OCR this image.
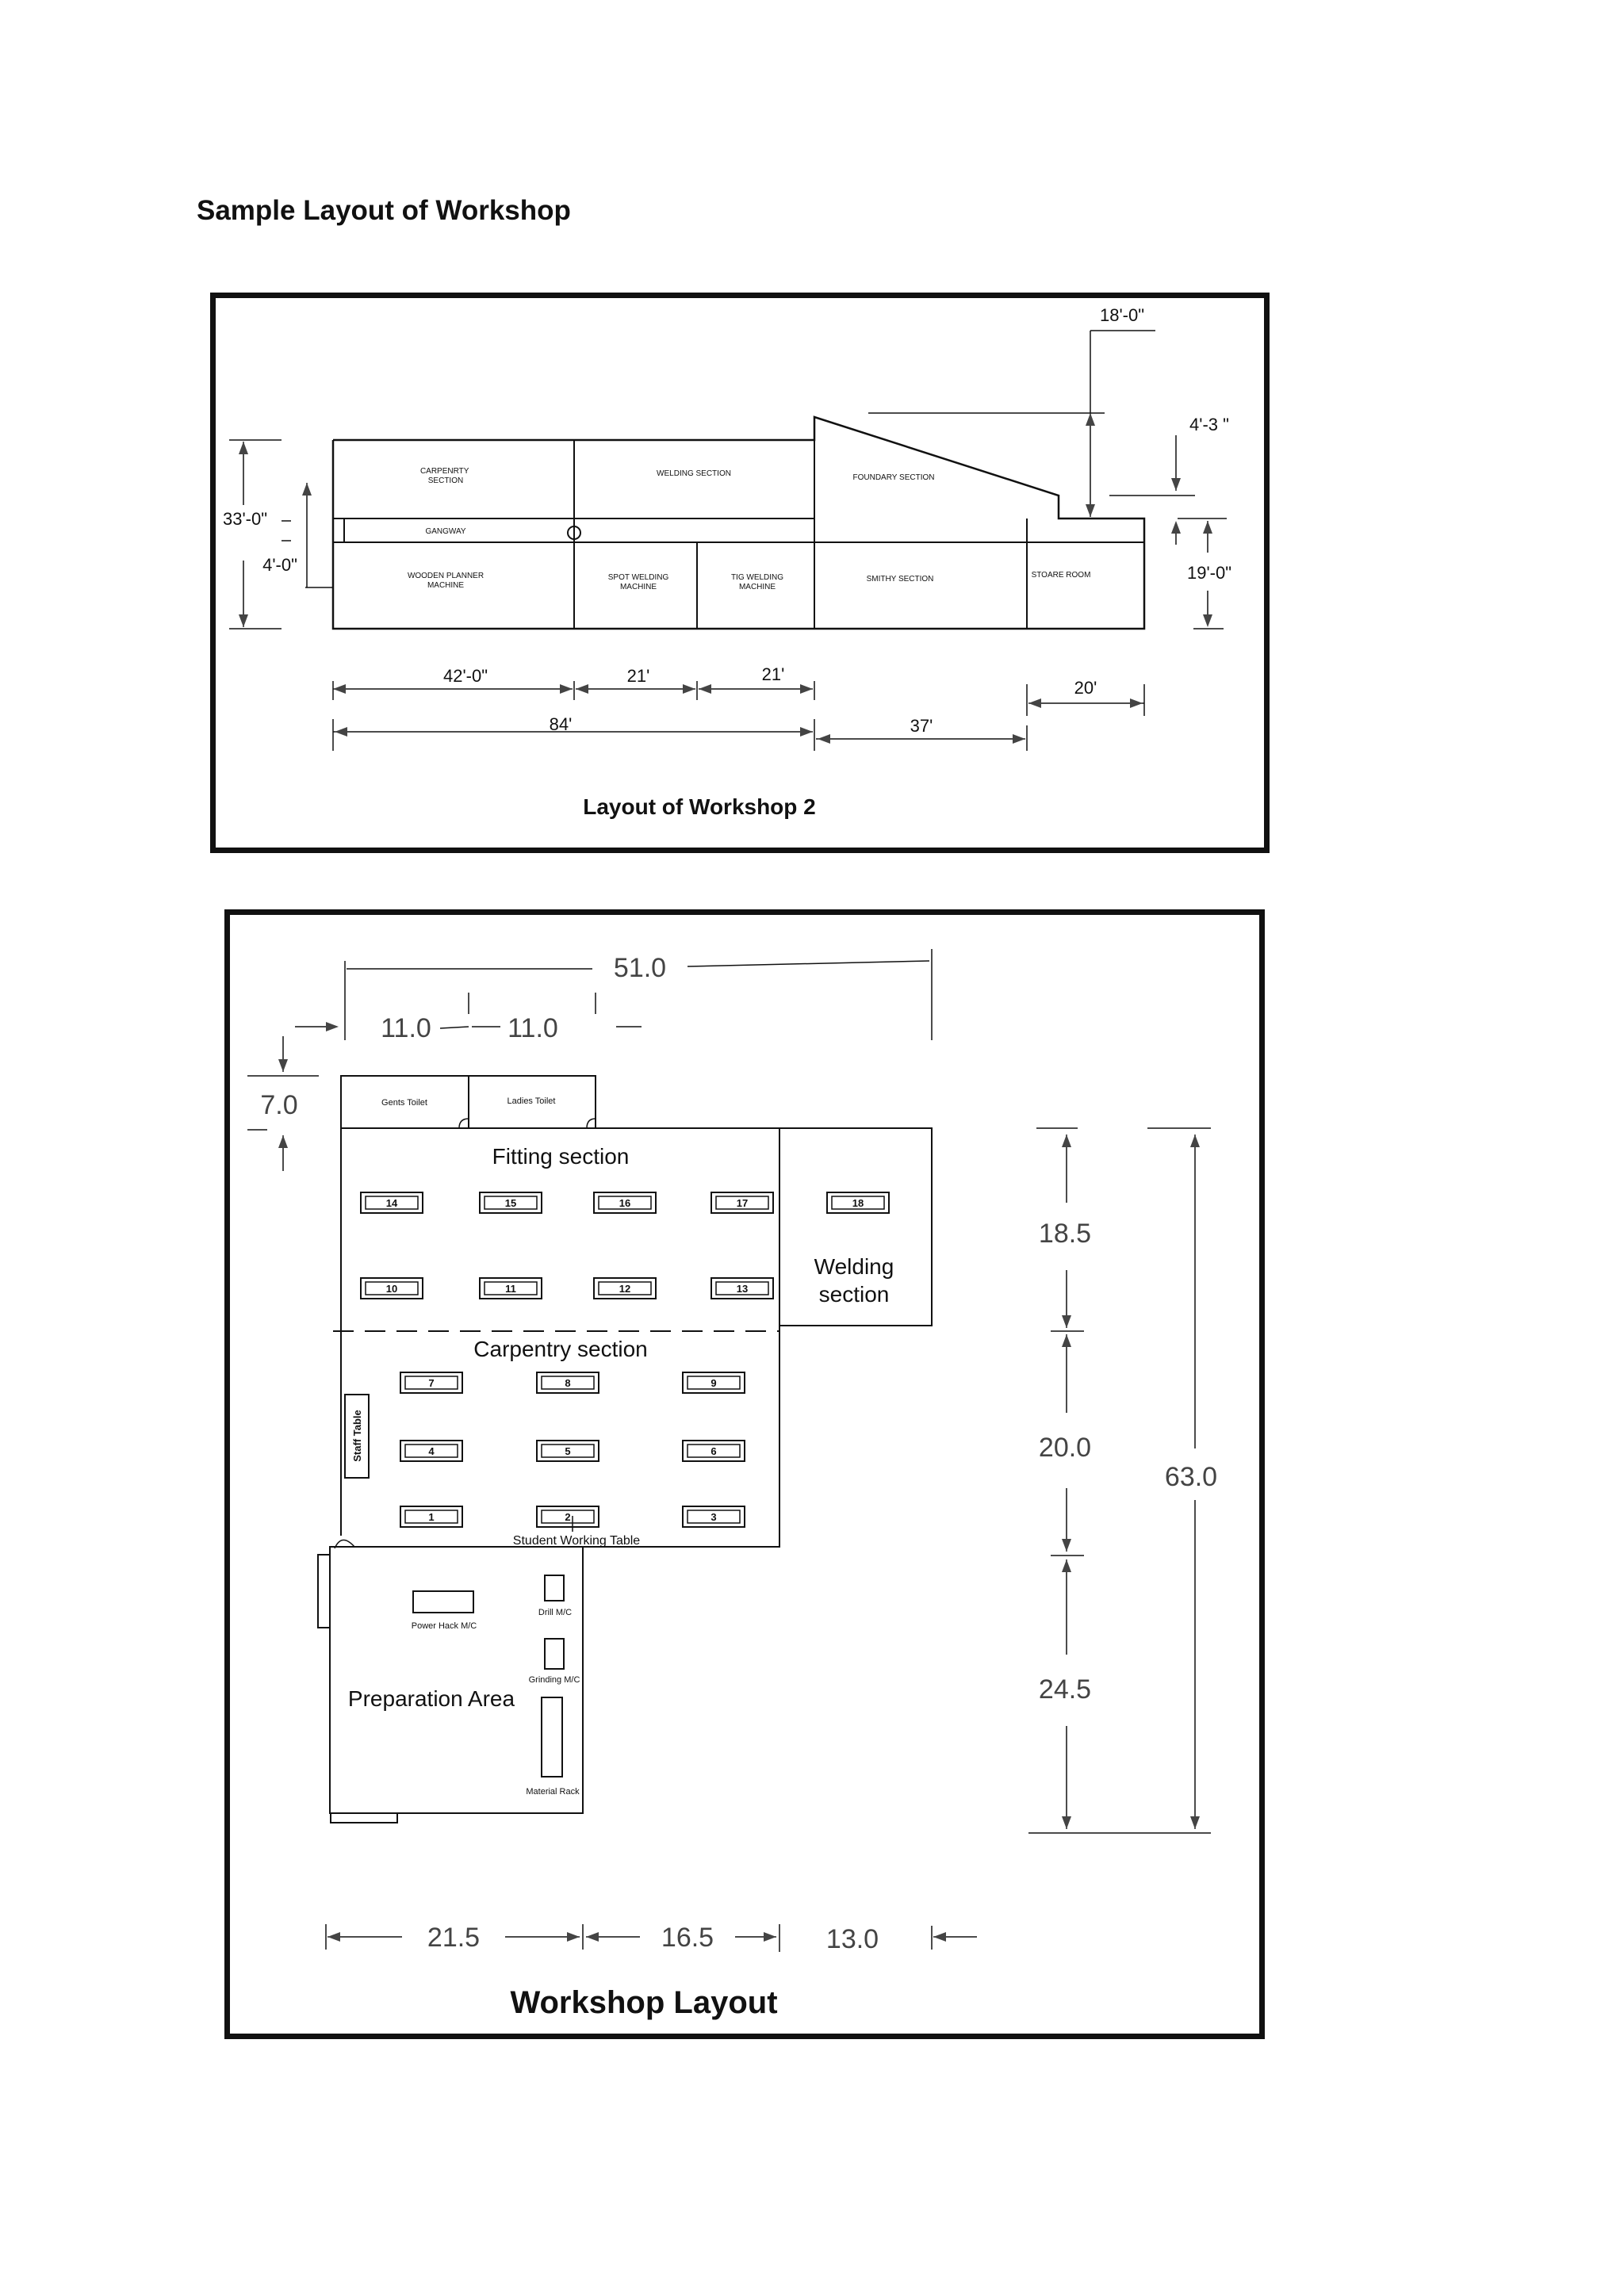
Sample Layout of Workshop
CARPENRTY SECTION
WELDING SECTION	FOUNDARY SECTION
GANGWAY
WOODEN PLANNER MACHINE
SPOT WELDING MACHINE
TIG WELDING MACHINE
SMITHY SECTION	STOARE ROOM
18'-0"
4'-3 "
19'-0"
33'-0"
4'-0"
42'-0"	21'	21'
20'
84'	37'
Layout of Workshop 2
Gents Toilet	Ladies Toilet
Fitting section
Welding
section
Carpentry section
1	2	3
4	5	6
7	8	9
10	11	12	13
14	15	16	17	18
Staff Table
Student Working Table
Power Hack M/C
Drill M/C
Grinding M/C
Preparation Area
Material Rack
51.0
11.0	11.0
7.0
18.5
20.0
24.5
63.0
21.5	16.5	13.0
Workshop Layout
